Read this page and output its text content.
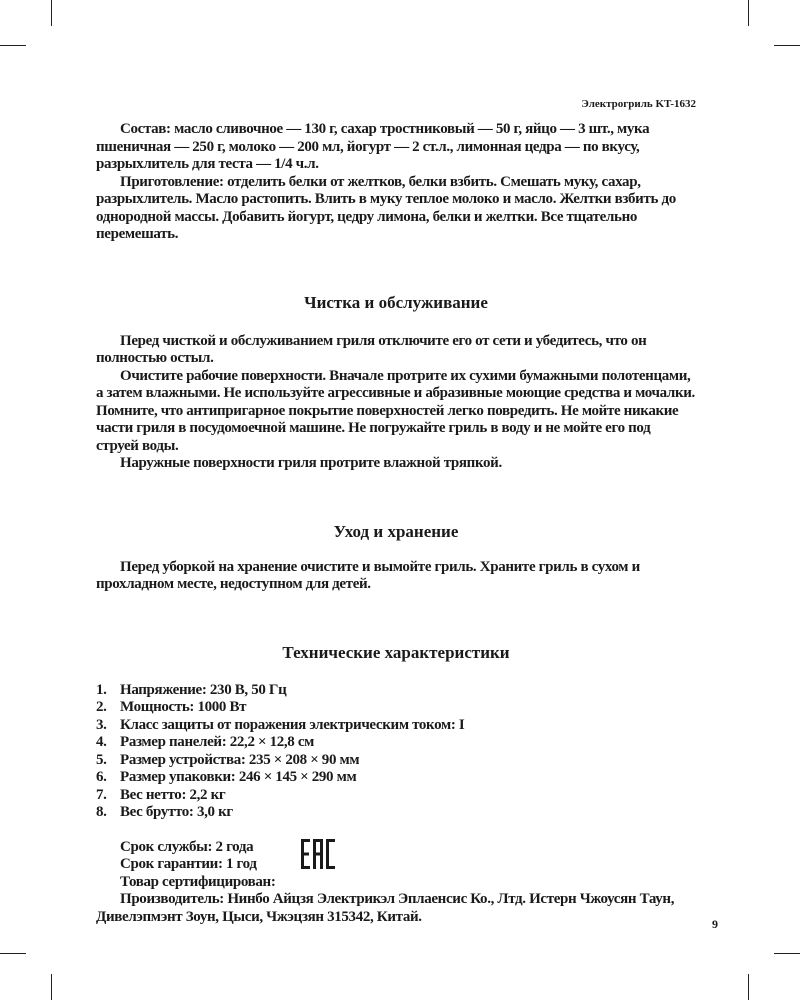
Электрогриль KT-1632

Состав: масло сливочное — 130 г, сахар тростниковый — 50 г, яйцо — 3 шт., мука пшеничная — 250 г, молоко — 200 мл, йогурт — 2 ст.л., лимонная цедра — по вкусу, разрыхлитель для теста — 1/4 ч.л.

Приготовление: отделить белки от желтков, белки взбить. Смешать муку, сахар, разрыхлитель. Масло растопить. Влить в муку теплое молоко и масло. Желтки взбить до однородной массы. Добавить йогурт, цедру лимона, белки и желтки. Все тщательно перемешать.

Чистка и обслуживание

Перед чисткой и обслуживанием гриля отключите его от сети и убедитесь, что он полностью остыл.

Очистите рабочие поверхности. Вначале протрите их сухими бумажными полотенцами, а затем влажными. Не используйте агрессивные и абразивные моющие средства и мочалки. Помните, что антипригарное покрытие поверхностей легко повредить. Не мойте никакие части гриля в посудомоечной машине. Не погружайте гриль в воду и не мойте его под струей воды.

Наружные поверхности гриля протрите влажной тряпкой.

Уход и хранение

Перед уборкой на хранение очистите и вымойте гриль. Храните гриль в сухом и прохладном месте, недоступном для детей.

Технические характеристики
1. Напряжение: 230 В, 50 Гц
2. Мощность: 1000 Вт
3. Класс защиты от поражения электрическим током: I
4. Размер панелей: 22,2 × 12,8 см
5. Размер устройства: 235 × 208 × 90 мм
6. Размер упаковки: 246 × 145 × 290 мм
7. Вес нетто: 2,2 кг
8. Вес брутто: 3,0 кг

Срок службы: 2 года

Срок гарантии: 1 год

Товар сертифицирован:

Производитель: Нинбо Айцзя Электрикэл Эплаенсис Ко., Лтд. Истерн Чжоусян Таун, Дивелэпмэнт Зоун, Цыси, Чжэцзян 315342, Китай.	9
